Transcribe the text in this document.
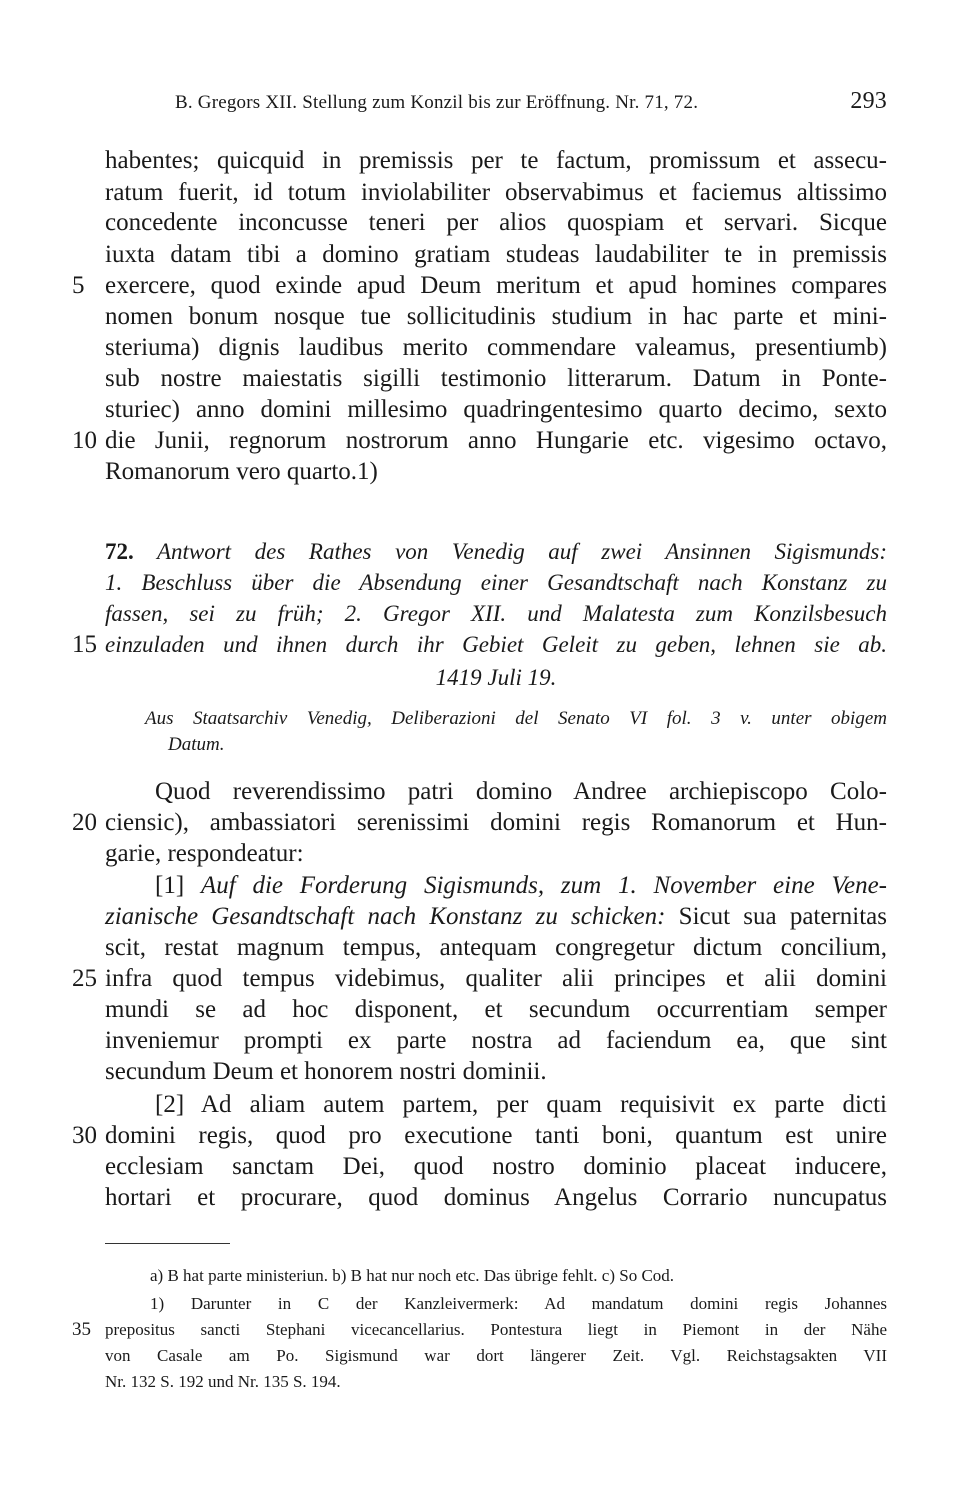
B. Gregors XII. Stellung zum Konzil bis zur Eröffnung. Nr. 71, 72.	293
habentes; quicquid in premissis per te factum, promissum et assecu-
ratum fuerit, id totum inviolabiliter observabimus et faciemus altissimo
concedente inconcusse teneri per alios quospiam et servari. Sicque
iuxta datam tibi a domino gratiam studeas laudabiliter te in premissis
5 exercere, quod exinde apud Deum meritum et apud homines compares
nomen bonum nosque tue sollicitudinis studium in hac parte et mini-
steriuma) dignis laudibus merito commendare valeamus, presentiumb)
sub nostre maiestatis sigilli testimonio litterarum. Datum in Ponte-
sturiec) anno domini millesimo quadringentesimo quarto decimo, sexto
10 die Junii, regnorum nostrorum anno Hungarie etc. vigesimo octavo,
Romanorum vero quarto.1)
72. Antwort des Rathes von Venedig auf zwei Ansinnen Sigismunds:
1. Beschluss über die Absendung einer Gesandtschaft nach Konstanz zu
fassen, sei zu früh; 2. Gregor XII. und Malatesta zum Konzilsbesuch
15 einzuladen und ihnen durch ihr Gebiet Geleit zu geben, lehnen sie ab.
1419 Juli 19.
Aus Staatsarchiv Venedig, Deliberazioni del Senato VI fol. 3 v. unter obigem
Datum.
Quod reverendissimo patri domino Andree archiepiscopo Colo-
20 ciensic), ambassiatori serenissimi domini regis Romanorum et Hun-
garie, respondeatur:
[1] Auf die Forderung Sigismunds, zum 1. November eine Vene-
zianische Gesandtschaft nach Konstanz zu schicken: Sicut sua paternitas
scit, restat magnum tempus, antequam congregetur dictum concilium,
25 infra quod tempus videbimus, qualiter alii principes et alii domini
mundi se ad hoc disponent, et secundum occurrentiam semper
inveniemur prompti ex parte nostra ad faciendum ea, que sint
secundum Deum et honorem nostri dominii.
[2] Ad aliam autem partem, per quam requisivit ex parte dicti
30 domini regis, quod pro executione tanti boni, quantum est unire
ecclesiam sanctam Dei, quod nostro dominio placeat inducere,
hortari et procurare, quod dominus Angelus Corrario nuncupatus
a) B hat parte ministeriun. b) B hat nur noch etc. Das übrige fehlt. c) So Cod.
1) Darunter in C der Kanzleivermerk: Ad mandatum domini regis Johannes
35 prepositus sancti Stephani vicecancellarius. Pontestura liegt in Piemont in der Nähe
von Casale am Po. Sigismund war dort längerer Zeit. Vgl. Reichstagsakten VII
Nr. 132 S. 192 und Nr. 135 S. 194.
